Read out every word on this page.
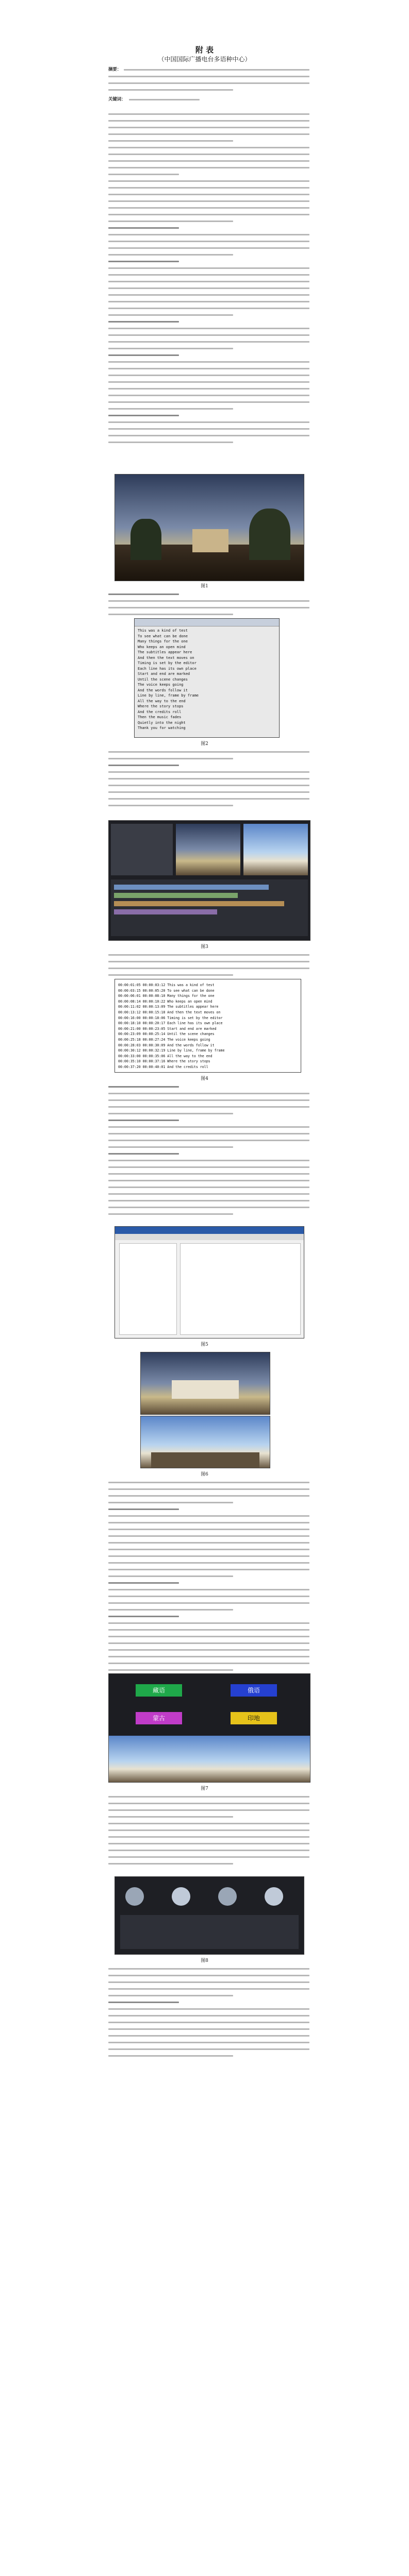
附 表
（中国国际广播电台多语种中心）
摘要：
关键词：
图1
This was a kind of test
To see what can be done
Many things for the one
Who keeps an open mind
The subtitles appear here
And then the text moves on
Timing is set by the editor
Each line has its own place
Start and end are marked
Until the scene changes
The voice keeps going
And the words follow it
Line by line, frame by frame
All the way to the end
Where the story stops
And the credits roll
Then the music fades
Quietly into the night
Thank you for watching
图2
图3
00:00:01:05 00:00:03:12 This was a kind of test
00:00:03:15 00:00:05:20 To see what can be done
00:00:06:01 00:00:08:10 Many things for the one
00:00:08:14 00:00:10:22 Who keeps an open mind
00:00:11:02 00:00:13:09 The subtitles appear here
00:00:13:12 00:00:15:18 And then the text moves on
00:00:16:00 00:00:18:06 Timing is set by the editor
00:00:18:10 00:00:20:17 Each line has its own place
00:00:21:00 00:00:23:05 Start and end are marked
00:00:23:09 00:00:25:14 Until the scene changes
00:00:25:18 00:00:27:24 The voice keeps going
00:00:28:03 00:00:30:09 And the words follow it
00:00:30:12 00:00:32:19 Line by line, frame by frame
00:00:33:00 00:00:35:06 All the way to the end
00:00:35:10 00:00:37:16 Where the story stops
00:00:37:20 00:00:40:01 And the credits roll
图4
图5
图6
藏语	俄语
蒙古	印地
图7
图8
